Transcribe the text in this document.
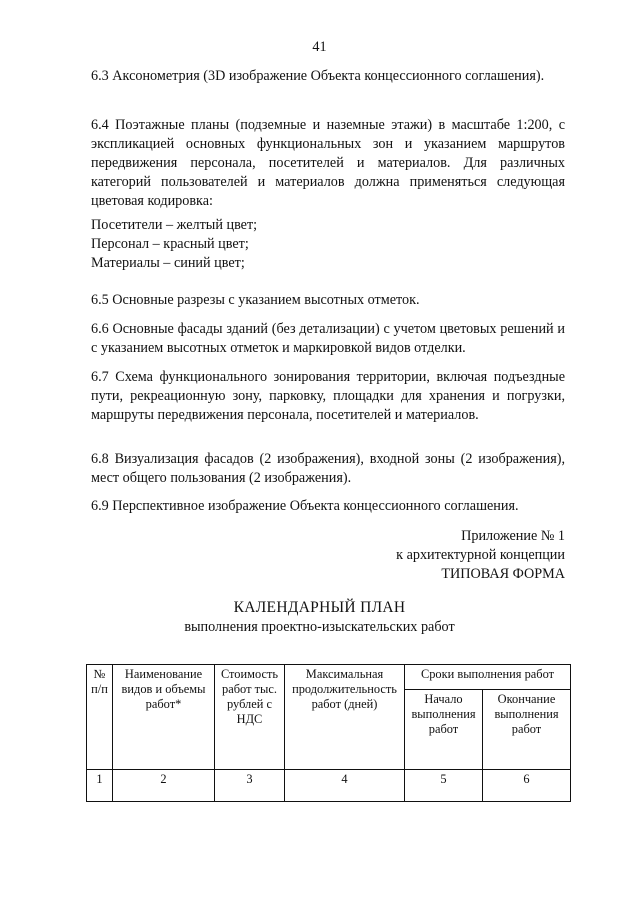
41
6.3 Аксонометрия (3D изображение Объекта концессионного соглашения).
6.4 Поэтажные планы (подземные и наземные этажи) в масштабе 1:200, с экспликацией основных функциональных зон и указанием маршрутов передвижения персонала, посетителей и материалов. Для различных категорий пользователей и материалов должна применяться следующая цветовая кодировка:
Посетители – желтый цвет;
Персонал – красный цвет;
Материалы – синий цвет;
6.5 Основные разрезы с указанием высотных отметок.
6.6 Основные фасады зданий (без детализации) с учетом цветовых решений и с указанием высотных отметок и маркировкой видов отделки.
6.7 Схема функционального зонирования территории, включая подъездные пути, рекреационную зону, парковку, площадки для хранения и погрузки, маршруты передвижения персонала, посетителей и материалов.
6.8 Визуализация фасадов (2 изображения), входной зоны (2 изображения), мест общего пользования (2 изображения).
6.9 Перспективное изображение Объекта концессионного соглашения.
Приложение № 1
к архитектурной концепции
ТИПОВАЯ ФОРМА
КАЛЕНДАРНЫЙ ПЛАН
выполнения проектно-изыскательских работ
№ п/п	Наименование видов и объемы работ*	Стоимость работ тыс. рублей с НДС	Максимальная продолжительность работ (дней)	Сроки выполнения работ	
				Начало выполнения работ	Окончание выполнения работ
1	2	3	4	5	6
